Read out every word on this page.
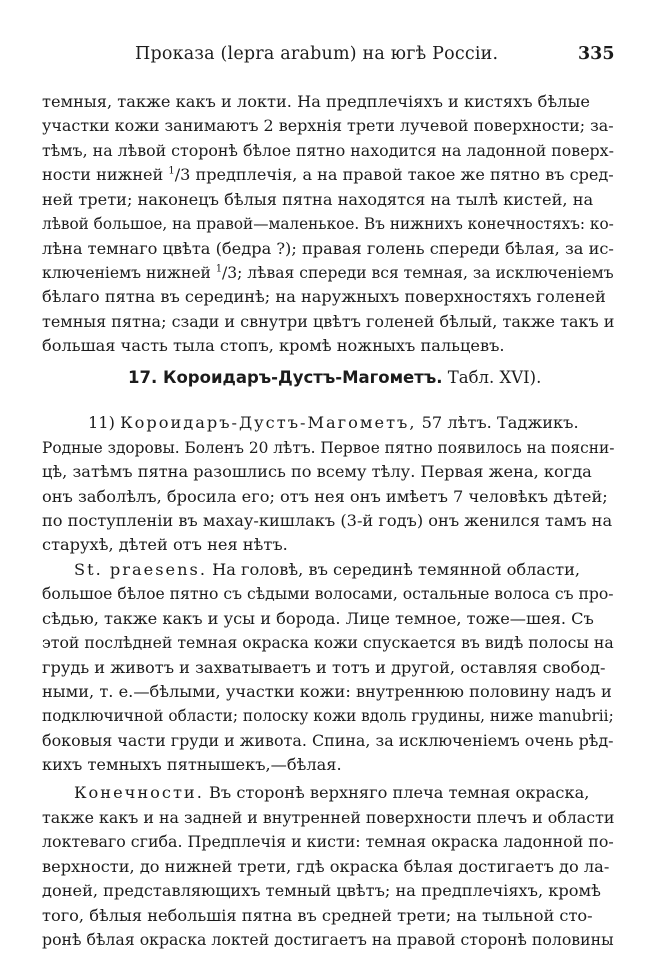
Проказа (lepra arabum) на югѣ Россіи.	335
темныя, также какъ и локти. На предплечіяхъ и кистяхъ бѣлые
участки кожи занимаютъ 2 верхнія трети лучевой поверхности; за-
тѣмъ, на лѣвой сторонѣ бѣлое пятно находится на ладонной поверх-
ности нижней $^1$/3 предплечія, а на правой такое же пятно въ сред-
ней трети; наконецъ бѣлыя пятна находятся на тылѣ кистей, на
лѣвой большое, на правой—маленькое. Въ нижнихъ конечностяхъ: ко-
лѣна темнаго цвѣта (бедра ?); правая голень спереди бѣлая, за ис-
ключеніемъ нижней $^1$/3; лѣвая спереди вся темная, за исключеніемъ
бѣлаго пятна въ серединѣ; на наружныхъ поверхностяхъ голеней
темныя пятна; сзади и свнутри цвѣтъ голеней бѣлый, также такъ и
большая часть тыла стопъ, кромѣ ножныхъ пальцевъ.
17. Короидаръ-Дустъ-Магометъ. Табл. XVI).
11) Короидаръ-Дустъ-Магометъ, 57 лѣтъ. Таджикъ.
Родные здоровы. Боленъ 20 лѣтъ. Первое пятно появилось на поясни-
цѣ, затѣмъ пятна разошлись по всему тѣлу. Первая жена, когда
онъ заболѣлъ, бросила его; отъ нея онъ имѣетъ 7 человѣкъ дѣтей;
по поступленіи въ махау-кишлакъ (3-й годъ) онъ женился тамъ на
старухѣ, дѣтей отъ нея нѣтъ.
St. praesens. На головѣ, въ серединѣ темянной области,
большое бѣлое пятно съ сѣдыми волосами, остальные волоса съ про-
сѣдью, также какъ и усы и борода. Лице темное, тоже—шея. Съ
этой послѣдней темная окраска кожи спускается въ видѣ полосы на
грудь и животъ и захватываетъ и тотъ и другой, оставляя свобод-
ными, т. е.—бѣлыми, участки кожи: внутреннюю половину надъ и
подключичной области; полоску кожи вдоль грудины, ниже manubrii;
боковыя части груди и живота. Спина, за исключеніемъ очень рѣд-
кихъ темныхъ пятнышекъ,—бѣлая.
Конечности. Въ сторонѣ верхняго плеча темная окраска,
также какъ и на задней и внутренней поверхности плечъ и области
локтеваго сгиба. Предплечія и кисти: темная окраска ладонной по-
верхности, до нижней трети, гдѣ окраска бѣлая достигаетъ до ла-
доней, представляющихъ темный цвѣтъ; на предплечіяхъ, кромѣ
того, бѣлыя небольшія пятна въ средней трети; на тыльной сто-
ронѣ бѣлая окраска локтей достигаетъ на правой сторонѣ половины
